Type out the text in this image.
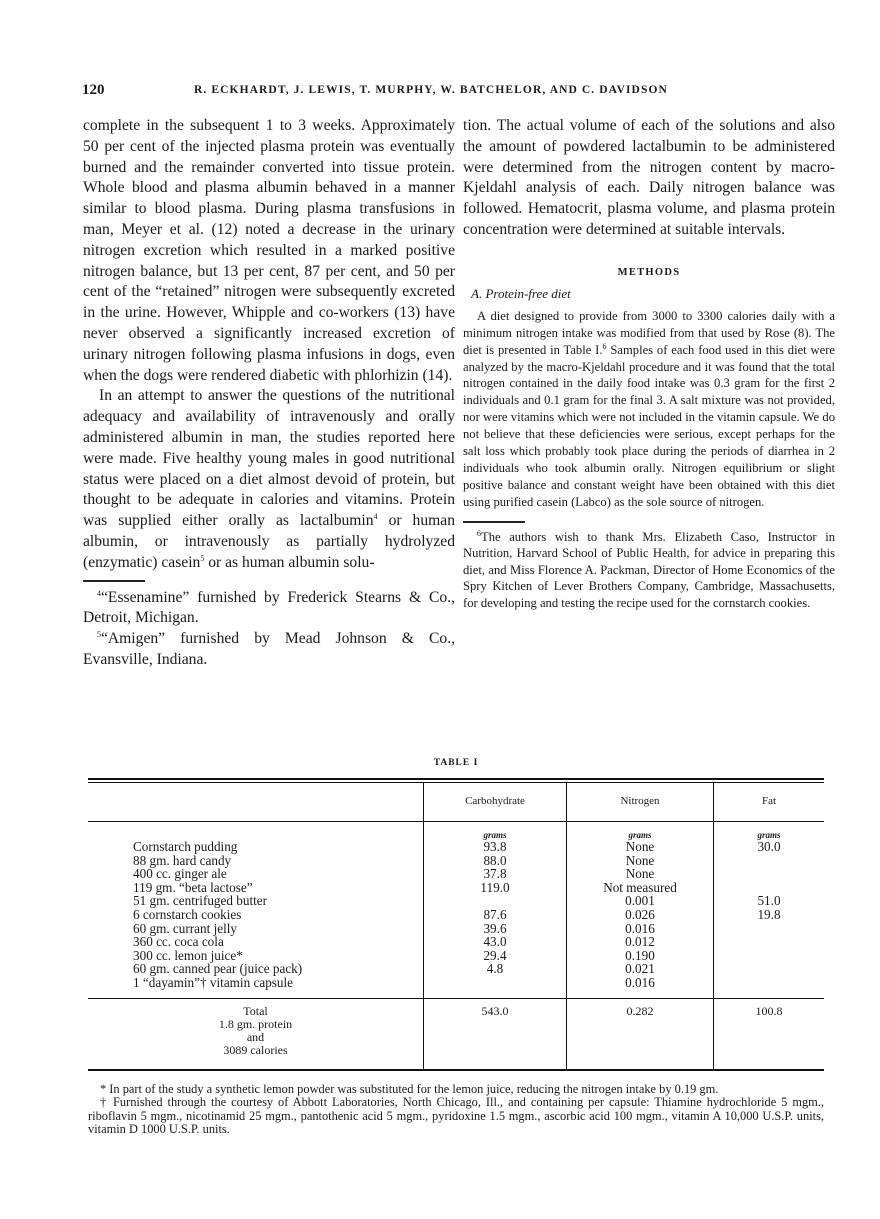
120	R. ECKHARDT, J. LEWIS, T. MURPHY, W. BATCHELOR, AND C. DAVIDSON

complete in the subsequent 1 to 3 weeks. Approximately 50 per cent of the injected plasma protein was eventually burned and the remainder converted into tissue protein. Whole blood and plasma albumin behaved in a manner similar to blood plasma. During plasma transfusions in man, Meyer et al. (12) noted a decrease in the urinary nitrogen excretion which resulted in a marked positive nitrogen balance, but 13 per cent, 87 per cent, and 50 per cent of the “retained” nitrogen were subsequently excreted in the urine. However, Whipple and co-workers (13) have never observed a significantly increased excretion of urinary nitrogen following plasma infusions in dogs, even when the dogs were rendered diabetic with phlorhizin (14).

In an attempt to answer the questions of the nutritional adequacy and availability of intravenously and orally administered albumin in man, the studies reported here were made. Five healthy young males in good nutritional status were placed on a diet almost devoid of protein, but thought to be adequate in calories and vitamins. Protein was supplied either orally as lactalbumin$^4$ or human albumin, or intravenously as partially hydrolyzed (enzymatic) casein$^5$ or as human albumin solu-

$^4$“Essenamine” furnished by Frederick Stearns & Co., Detroit, Michigan.

$^5$“Amigen” furnished by Mead Johnson & Co., Evansville, Indiana.

tion. The actual volume of each of the solutions and also the amount of powdered lactalbumin to be administered were determined from the nitrogen content by macro-Kjeldahl analysis of each. Daily nitrogen balance was followed. Hematocrit, plasma volume, and plasma protein concentration were determined at suitable intervals.

METHODS
A. Protein-free diet

A diet designed to provide from 3000 to 3300 calories daily with a minimum nitrogen intake was modified from that used by Rose (8). The diet is presented in Table I.$^6$ Samples of each food used in this diet were analyzed by the macro-Kjeldahl procedure and it was found that the total nitrogen contained in the daily food intake was 0.3 gram for the first 2 individuals and 0.1 gram for the final 3. A salt mixture was not provided, nor were vitamins which were not included in the vitamin capsule. We do not believe that these deficiencies were serious, except perhaps for the salt loss which probably took place during the periods of diarrhea in 2 individuals who took albumin orally. Nitrogen equilibrium or slight positive balance and constant weight have been obtained with this diet using purified casein (Labco) as the sole source of nitrogen.

$^6$The authors wish to thank Mrs. Elizabeth Caso, Instructor in Nutrition, Harvard School of Public Health, for advice in preparing this diet, and Miss Florence A. Packman, Director of Home Economics of the Spry Kitchen of Lever Brothers Company, Cambridge, Massachusetts, for developing and testing the recipe used for the cornstarch cookies.

TABLE I
	Carbohydrate	Nitrogen	Fat
	grams	grams	grams
Cornstarch pudding	93.8	None	30.0
88 gm. hard candy	88.0	None	
400 cc. ginger ale	37.8	None	
119 gm. “beta lactose”	119.0	Not measured	
51 gm. centrifuged butter		0.001	51.0
6 cornstarch cookies	87.6	0.026	19.8
60 gm. currant jelly	39.6	0.016	
360 cc. coca cola	43.0	0.012	
300 cc. lemon juice*	29.4	0.190	
60 gm. canned pear (juice pack)	4.8	0.021	
1 “dayamin”† vitamin capsule		0.016	

Total
1.8 gm. protein
and
3089 calories	543.0	0.282	100.8

* In part of the study a synthetic lemon powder was substituted for the lemon juice, reducing the nitrogen intake by 0.19 gm.

† Furnished through the courtesy of Abbott Laboratories, North Chicago, Ill., and containing per capsule: Thiamine hydrochloride 5 mgm., riboflavin 5 mgm., nicotinamid 25 mgm., pantothenic acid 5 mgm., pyridoxine 1.5 mgm., ascorbic acid 100 mgm., vitamin A 10,000 U.S.P. units, vitamin D 1000 U.S.P. units.
